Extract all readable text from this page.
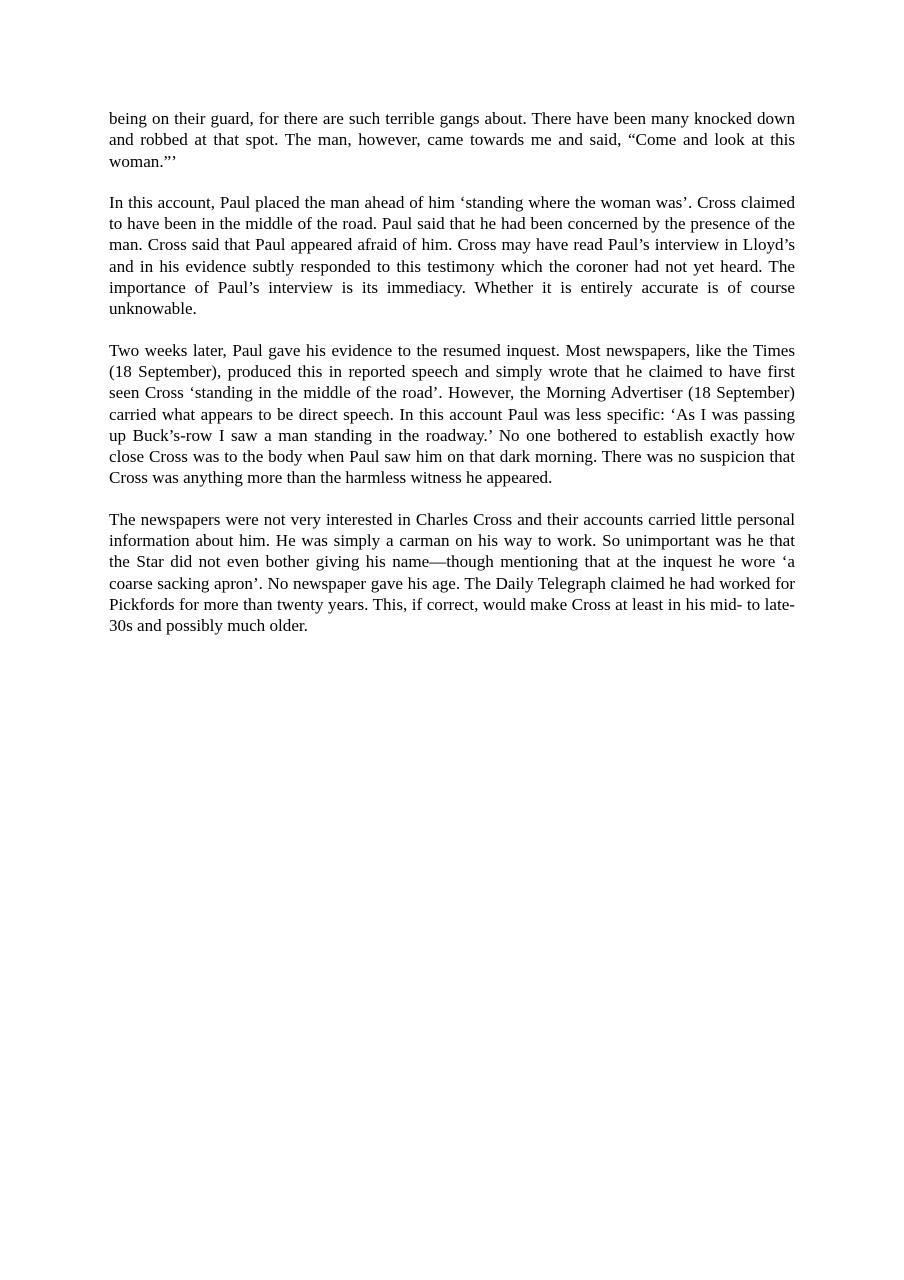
being on their guard, for there are such terrible gangs about. There have been many knocked down and robbed at that spot. The man, however, came towards me and said, “Come and look at this woman.”’

In this account, Paul placed the man ahead of him ‘standing where the woman was’. Cross claimed to have been in the middle of the road. Paul said that he had been concerned by the presence of the man. Cross said that Paul appeared afraid of him. Cross may have read Paul’s interview in Lloyd’s and in his evidence subtly responded to this testimony which the coroner had not yet heard. The importance of Paul’s interview is its immediacy. Whether it is entirely accurate is of course unknowable.

Two weeks later, Paul gave his evidence to the resumed inquest. Most newspapers, like the Times (18 September), produced this in reported speech and simply wrote that he claimed to have first seen Cross ‘standing in the middle of the road’. However, the Morning Advertiser (18 September) carried what appears to be direct speech. In this account Paul was less specific: ‘As I was passing up Buck’s-row I saw a man standing in the roadway.’ No one bothered to establish exactly how close Cross was to the body when Paul saw him on that dark morning. There was no suspicion that Cross was anything more than the harmless witness he appeared.

The newspapers were not very interested in Charles Cross and their accounts carried little personal information about him. He was simply a carman on his way to work. So unimportant was he that the Star did not even bother giving his name—though mentioning that at the inquest he wore ‘a coarse sacking apron’. No newspaper gave his age. The Daily Telegraph claimed he had worked for Pickfords for more than twenty years. This, if correct, would make Cross at least in his mid- to late-30s and possibly much older.
